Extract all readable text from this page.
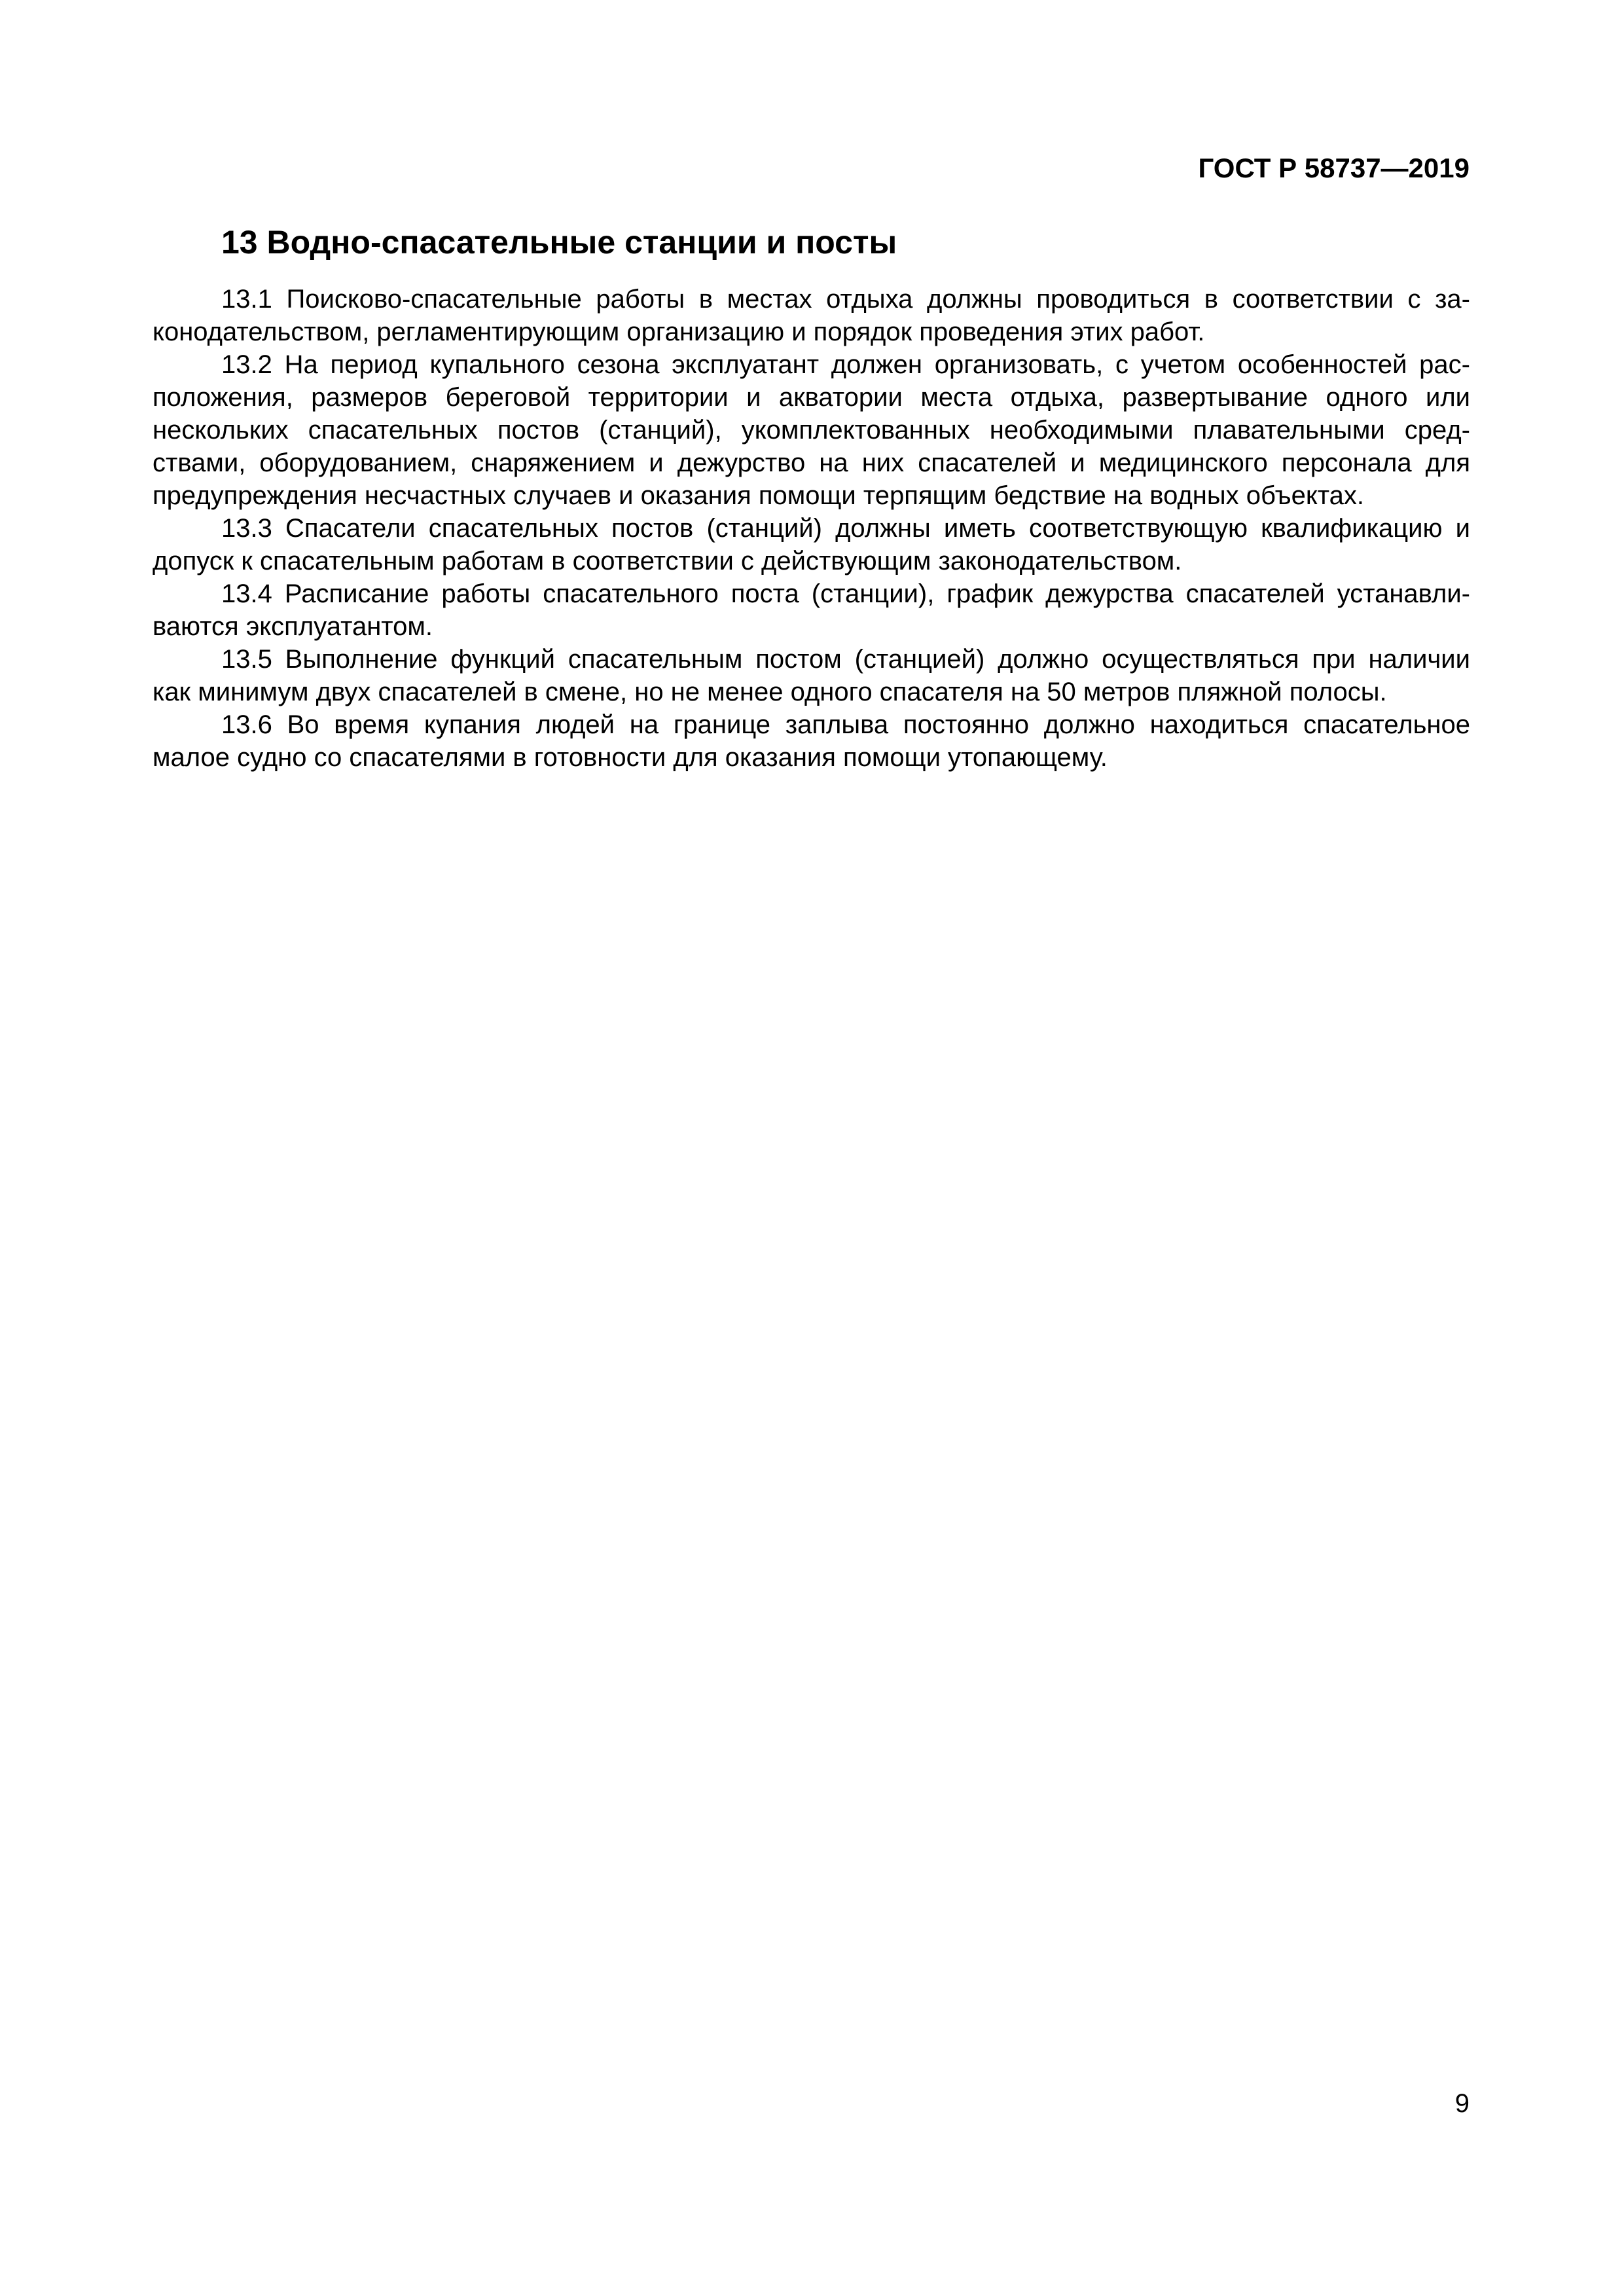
ГОСТ Р 58737—2019
13 Водно-спасательные станции и посты

13.1 Поисково-спасательные работы в местах отдыха должны проводиться в соответствии с за-
конодательством, регламентирующим организацию и порядок проведения этих работ.

13.2 На период купального сезона эксплуатант должен организовать, с учетом особенностей рас-
положения, размеров береговой территории и акватории места отдыха, развертывание одного или
нескольких спасательных постов (станций), укомплектованных необходимыми плавательными сред-
ствами, оборудованием, снаряжением и дежурство на них спасателей и медицинского персонала для
предупреждения несчастных случаев и оказания помощи терпящим бедствие на водных объектах.

13.3 Спасатели спасательных постов (станций) должны иметь соответствующую квалификацию и
допуск к спасательным работам в соответствии с действующим законодательством.

13.4 Расписание работы спасательного поста (станции), график дежурства спасателей устанавли-
ваются эксплуатантом.

13.5 Выполнение функций спасательным постом (станцией) должно осуществляться при наличии
как минимум двух спасателей в смене, но не менее одного спасателя на 50 метров пляжной полосы.

13.6 Во время купания людей на границе заплыва постоянно должно находиться спасательное
малое судно со спасателями в готовности для оказания помощи утопающему.

9
